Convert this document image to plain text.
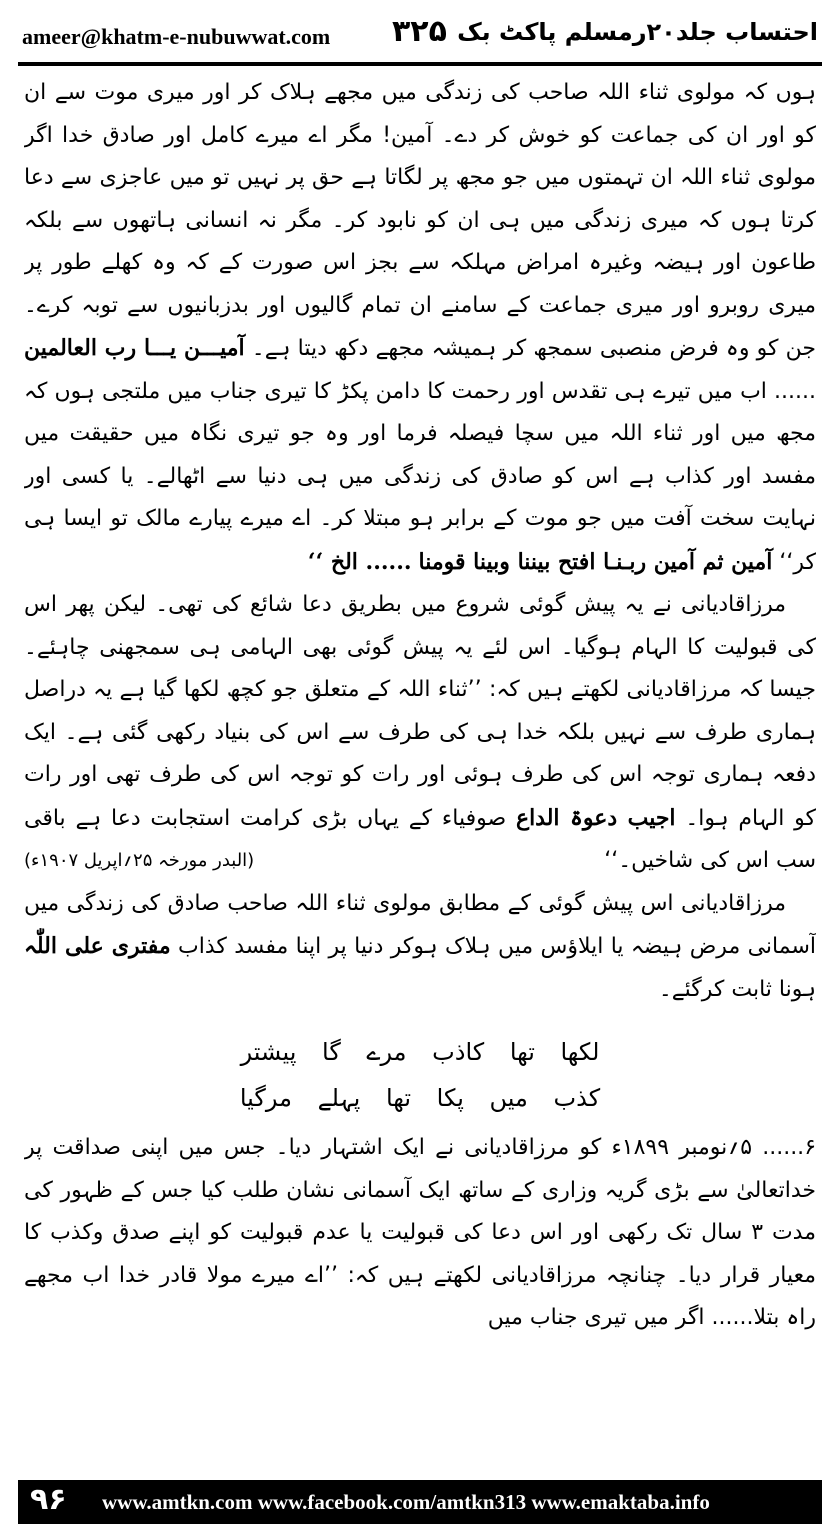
ameer@khatm-e-nubuwwat.com ۳۲۵ احتساب جلد۲۰رمسلم پاکٹ بک

ہوں کہ مولوی ثناء اللہ صاحب کی زندگی میں مجھے ہلاک کر اور میری موت سے ان کو اور ان کی جماعت کو خوش کر دے۔ آمین! مگر اے میرے کامل اور صادق خدا اگر مولوی ثناء اللہ ان تہمتوں میں جو مجھ پر لگاتا ہے حق پر نہیں تو میں عاجزی سے دعا کرتا ہوں کہ میری زندگی میں ہی ان کو نابود کر۔ مگر نہ انسانی ہاتھوں سے بلکہ طاعون اور ہیضہ وغیرہ امراض مہلکہ سے بجز اس صورت کے کہ وہ کھلے طور پر میری روبرو اور میری جماعت کے سامنے ان تمام گالیوں اور بدزبانیوں سے توبہ کرے۔ جن کو وہ فرض منصبی سمجھ کر ہمیشہ مجھے دکھ دیتا ہے۔ آمیـــن یـــا رب العالمین ...... اب میں تیرے ہی تقدس اور رحمت کا دامن پکڑ کا تیری جناب میں ملتجی ہوں کہ مجھ میں اور ثناء اللہ میں سچا فیصلہ فرما اور وہ جو تیری نگاہ میں حقیقت میں مفسد اور کذاب ہے اس کو صادق کی زندگی میں ہی دنیا سے اٹھالے۔ یا کسی اور نہایت سخت آفت میں جو موت کے برابر ہو مبتلا کر۔ اے میرے پیارے مالک تو ایسا ہی کر‘‘ آمین ثم آمین ربـنـا افتح بیننا وبینا قومنا ...... الخ ‘‘

مرزاقادیانی نے یہ پیش گوئی شروع میں بطریق دعا شائع کی تھی۔ لیکن پھر اس کی قبولیت کا الہام ہوگیا۔ اس لئے یہ پیش گوئی بھی الہامی ہی سمجھنی چاہئے۔ جیسا کہ مرزاقادیانی لکھتے ہیں کہ: ’’ثناء اللہ کے متعلق جو کچھ لکھا گیا ہے یہ دراصل ہماری طرف سے نہیں بلکہ خدا ہی کی طرف سے اس کی بنیاد رکھی گئی ہے۔ ایک دفعہ ہماری توجہ اس کی طرف ہوئی اور رات کو توجہ اس کی طرف تھی اور رات کو الہام ہوا۔ اجیب دعوۃ الداع صوفیاء کے یہاں بڑی کرامت استجابت دعا ہے باقی سب اس کی شاخیں۔‘‘
(البدر مورخہ ۲۵؍اپریل ۱۹۰۷ء)

مرزاقادیانی اس پیش گوئی کے مطابق مولوی ثناء اللہ صاحب صادق کی زندگی میں آسمانی مرض ہیضہ یا ایلاؤس میں ہلاک ہوکر دنیا پر اپنا مفسد کذاب مفتری علی اللّٰہ ہونا ثابت کرگئے۔

لکھا تھا کاذب مرے گا پیشتر
کذب میں پکا تھا پہلے مرگیا

۶...... ۵؍نومبر ۱۸۹۹ء کو مرزاقادیانی نے ایک اشتہار دیا۔ جس میں اپنی صداقت پر خداتعالیٰ سے بڑی گریہ وزاری کے ساتھ ایک آسمانی نشان طلب کیا جس کے ظہور کی مدت ۳ سال تک رکھی اور اس دعا کی قبولیت یا عدم قبولیت کو اپنے صدق وکذب کا معیار قرار دیا۔ چنانچہ مرزاقادیانی لکھتے ہیں کہ: ’’اے میرے مولا قادر خدا اب مجھے راہ بتلا...... اگر میں تیری جناب میں

۹۶ www.amtkn.com www.facebook.com/amtkn313 www.emaktaba.info
